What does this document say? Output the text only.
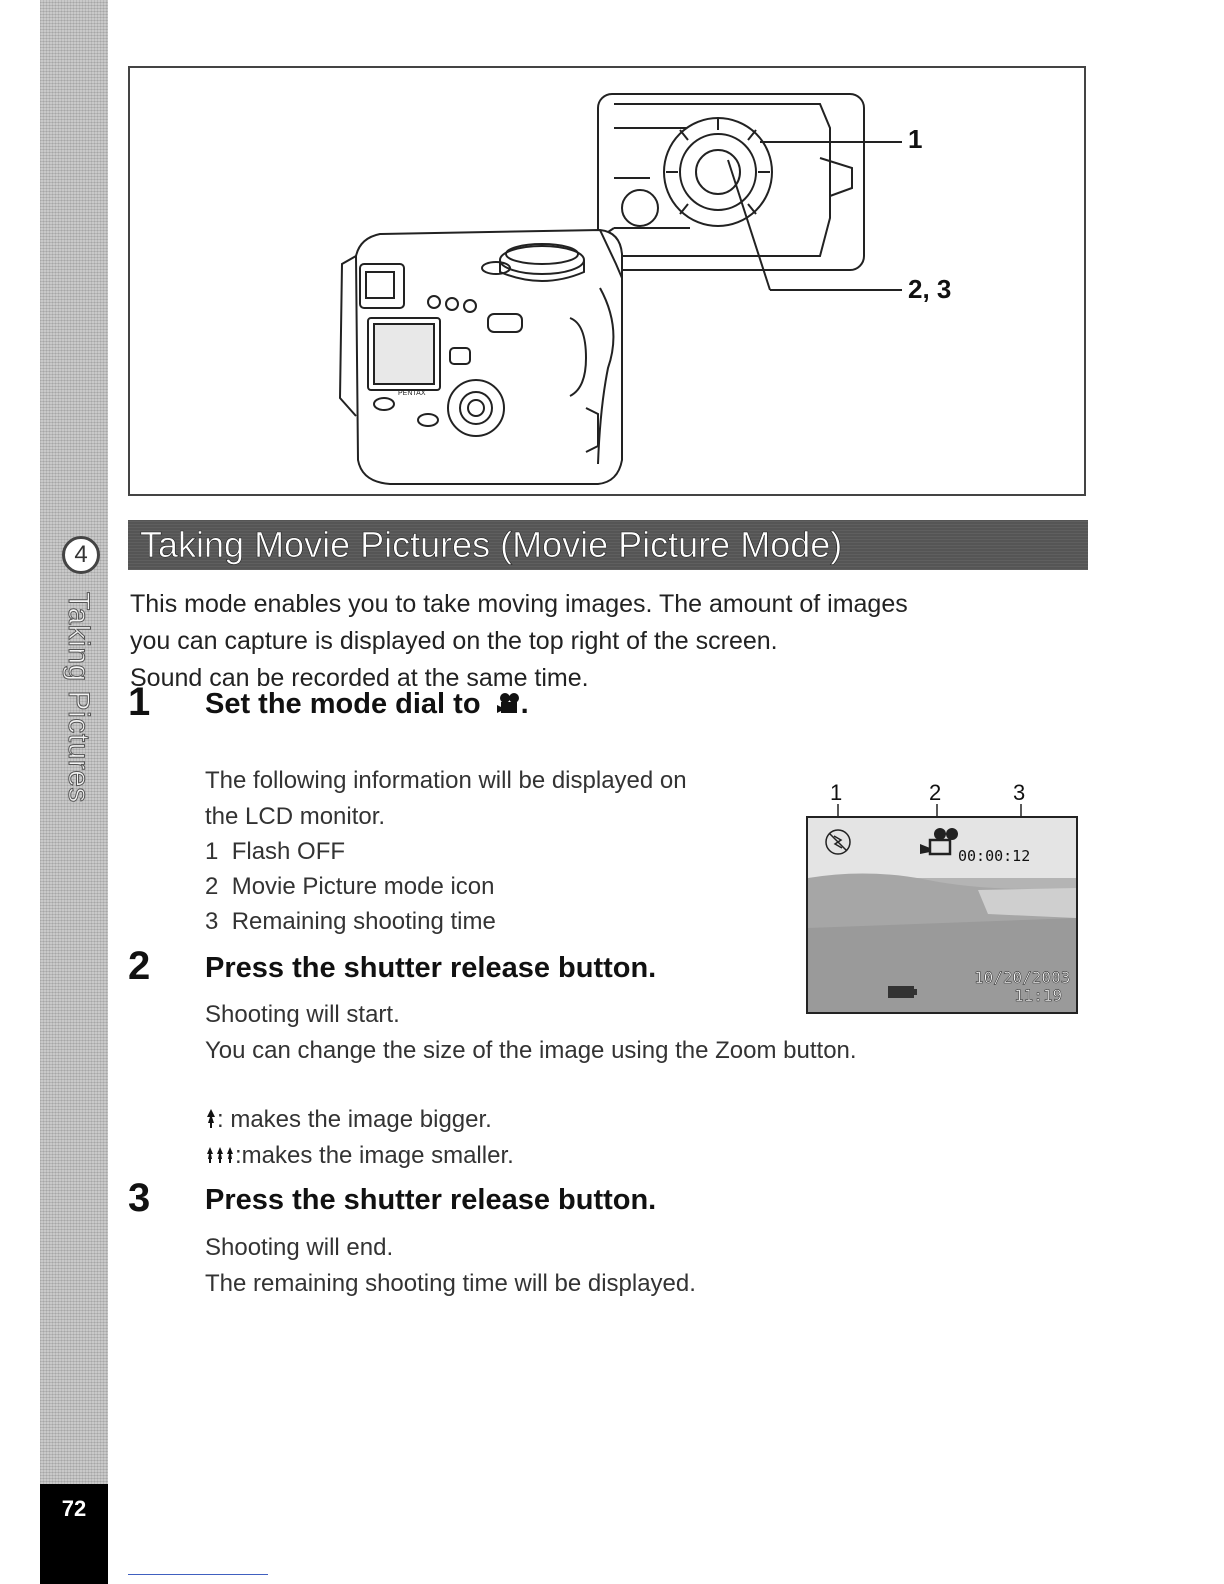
4
Taking Pictures
72
PENTAX
1
2, 3
Taking Movie Pictures (Movie Picture Mode)

This mode enables you to take moving images. The amount of images

you can capture is displayed on the top right of the screen.

Sound can be recorded at the same time.

1 Set the mode dial to .

The following information will be displayed on

the LCD monitor.

1 Flash OFF
2 Movie Picture mode icon
3 Remaining shooting time
1	2	3
00:00:12
10/20/2003
11:19
2 Press the shutter release button.

Shooting will start.

You can change the size of the image using the Zoom button.

: makes the image bigger.
:makes the image smaller.
3 Press the shutter release button.

Shooting will end.

The remaining shooting time will be displayed.
